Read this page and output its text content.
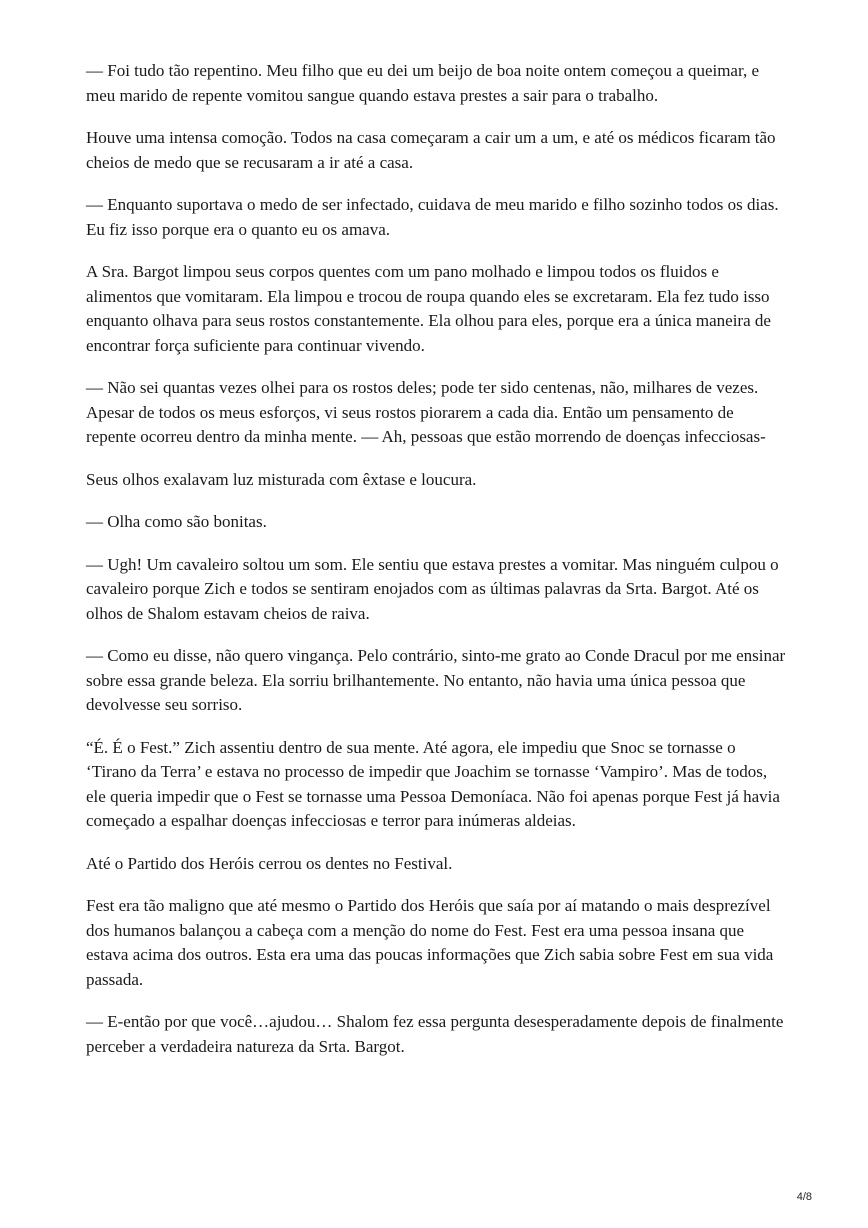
— Foi tudo tão repentino. Meu filho que eu dei um beijo de boa noite ontem começou a queimar, e meu marido de repente vomitou sangue quando estava prestes a sair para o trabalho.

Houve uma intensa comoção. Todos na casa começaram a cair um a um, e até os médicos ficaram tão cheios de medo que se recusaram a ir até a casa.

— Enquanto suportava o medo de ser infectado, cuidava de meu marido e filho sozinho todos os dias. Eu fiz isso porque era o quanto eu os amava.

A Sra. Bargot limpou seus corpos quentes com um pano molhado e limpou todos os fluidos e alimentos que vomitaram. Ela limpou e trocou de roupa quando eles se excretaram. Ela fez tudo isso enquanto olhava para seus rostos constantemente. Ela olhou para eles, porque era a única maneira de encontrar força suficiente para continuar vivendo.

— Não sei quantas vezes olhei para os rostos deles; pode ter sido centenas, não, milhares de vezes. Apesar de todos os meus esforços, vi seus rostos piorarem a cada dia. Então um pensamento de repente ocorreu dentro da minha mente. — Ah, pessoas que estão morrendo de doenças infecciosas-

Seus olhos exalavam luz misturada com êxtase e loucura.

— Olha como são bonitas.

— Ugh! Um cavaleiro soltou um som. Ele sentiu que estava prestes a vomitar. Mas ninguém culpou o cavaleiro porque Zich e todos se sentiram enojados com as últimas palavras da Srta. Bargot. Até os olhos de Shalom estavam cheios de raiva.

— Como eu disse, não quero vingança. Pelo contrário, sinto-me grato ao Conde Dracul por me ensinar sobre essa grande beleza. Ela sorriu brilhantemente. No entanto, não havia uma única pessoa que devolvesse seu sorriso.

“É. É o Fest.” Zich assentiu dentro de sua mente. Até agora, ele impediu que Snoc se tornasse o ‘Tirano da Terra’ e estava no processo de impedir que Joachim se tornasse ‘Vampiro’. Mas de todos, ele queria impedir que o Fest se tornasse uma Pessoa Demoníaca. Não foi apenas porque Fest já havia começado a espalhar doenças infecciosas e terror para inúmeras aldeias.

Até o Partido dos Heróis cerrou os dentes no Festival.

Fest era tão maligno que até mesmo o Partido dos Heróis que saía por aí matando o mais desprezível dos humanos balançou a cabeça com a menção do nome do Fest. Fest era uma pessoa insana que estava acima dos outros. Esta era uma das poucas informações que Zich sabia sobre Fest em sua vida passada.

— E-então por que você…ajudou… Shalom fez essa pergunta desesperadamente depois de finalmente perceber a verdadeira natureza da Srta. Bargot.

4/8
